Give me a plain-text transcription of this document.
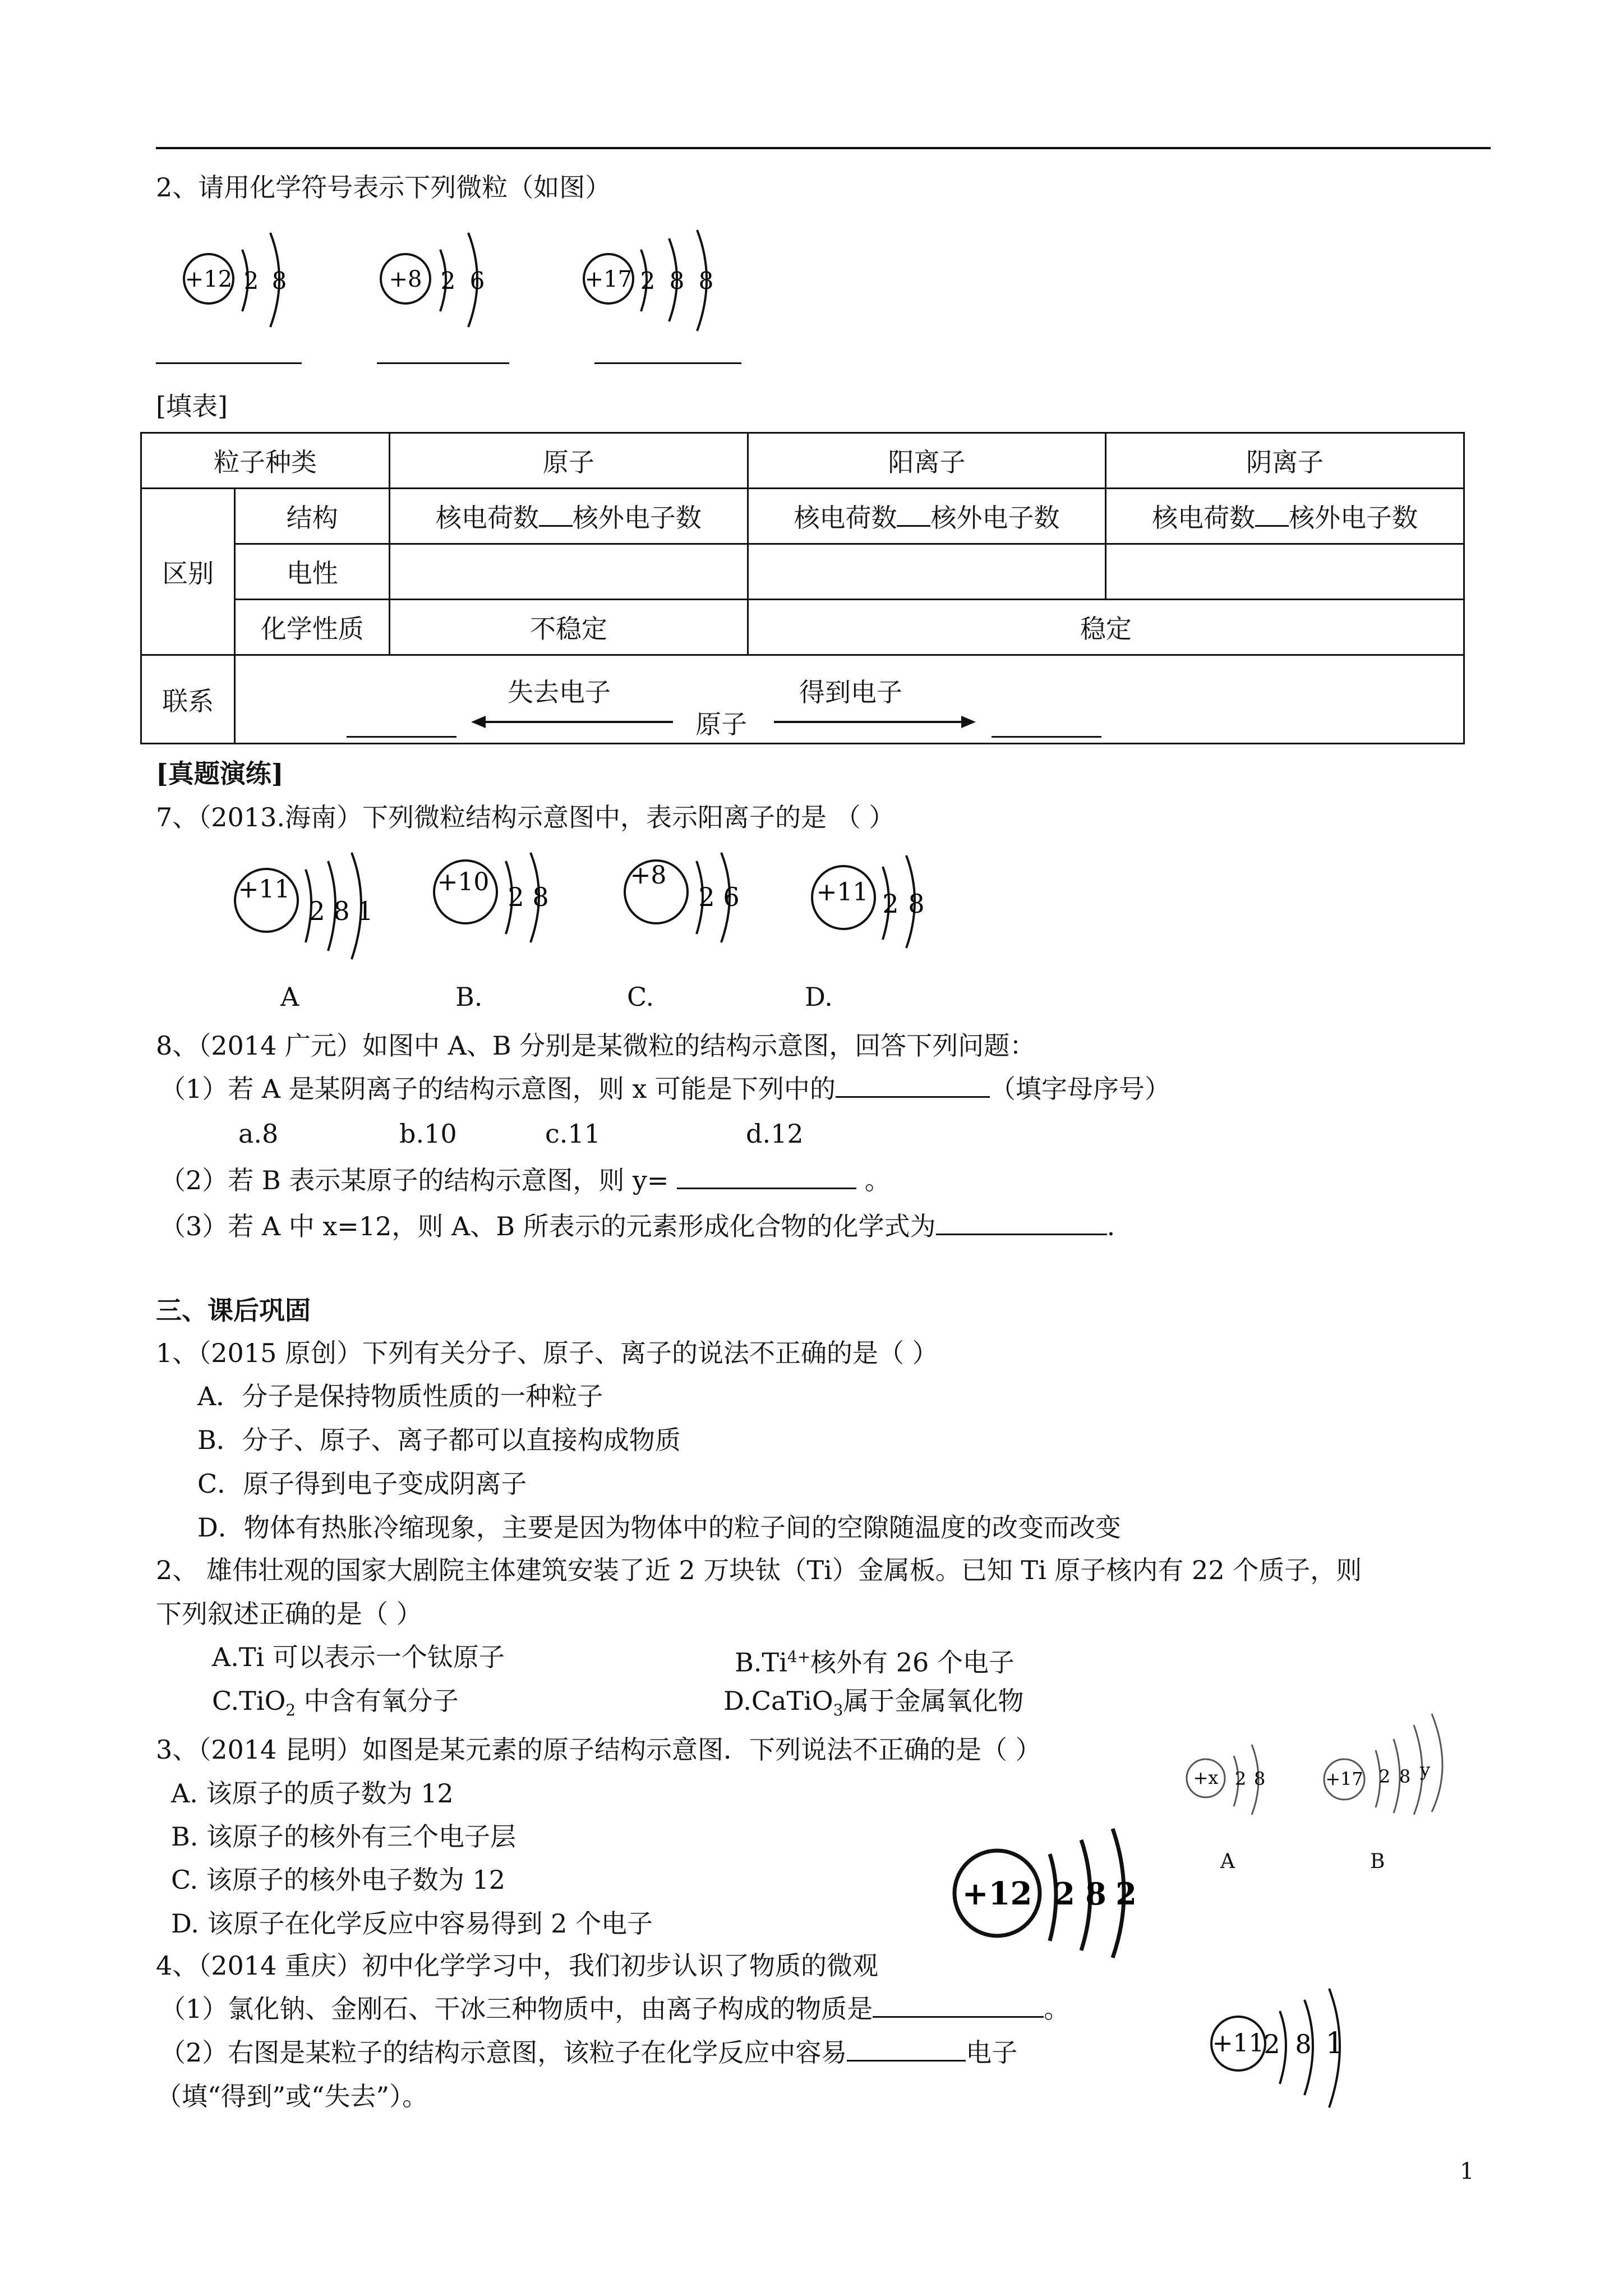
2、请用化学符号表示下列微粒（如图）
+12 2 8	+8 2 6	+17 2 8 8
[填表]
粒子种类		原子	阳离子	阴离子
区别	结构	核电荷数 核外电子数	核电荷数 核外电子数	核电荷数 核外电子数
	电性			
	化学性质	不稳定	稳定	
联系					失去电子	得到电子
原子
[真题演练]
7、（2013.海南）下列微粒结构示意图中，表示阳离子的是 （ ）
+11
2 8 1
+10 2 8
+8
2 6	+11 2 8
A	B.	C.	D.
8、（2014 广元）如图中 A、B 分别是某微粒的结构示意图，回答下列问题：
（1）若 A 是某阴离子的结构示意图，则 x 可能是下列中的	（填字母序号）
a.8	b.10	c.11	d.12
（2）若 B 表示某原子的结构示意图，则 y=	。
（3）若 A 中 x=12，则 A、B 所表示的元素形成化合物的化学式为	.
三、课后巩固
1、（2015 原创）下列有关分子、原子、离子的说法不正确的是（ ）
A．分子是保持物质性质的一种粒子
B．分子、原子、离子都可以直接构成物质
C．原子得到电子变成阴离子
D．物体有热胀冷缩现象，主要是因为物体中的粒子间的空隙随温度的改变而改变
2、 雄伟壮观的国家大剧院主体建筑安装了近 2 万块钛（Ti）金属板。已知 Ti 原子核内有 22 个质子，则
下列叙述正确的是（ ）
A.Ti 可以表示一个钛原子	$B.Ti^{4+}$核外有 26 个电子
C.TiO$_2$ 中含有氧分子	D.CaTiO$_3$属于金属氧化物
3、（2014 昆明）如图是某元素的原子结构示意图．下列说法不正确的是（ ）
A. 该原子的质子数为 12
B. 该原子的核外有三个电子层
C. 该原子的核外电子数为 12
D. 该原子在化学反应中容易得到 2 个电子
+12 2 8 2
+x 2 8	+17 2 8 y
A	B
4、（2014 重庆）初中化学学习中，我们初步认识了物质的微观
（1）氯化钠、金刚石、干冰三种物质中，由离子构成的物质是	。
（2）右图是某粒子的结构示意图，该粒子在化学反应中容易	电子
（填“得到”或“失去”）。
+11
2 8 1
1
